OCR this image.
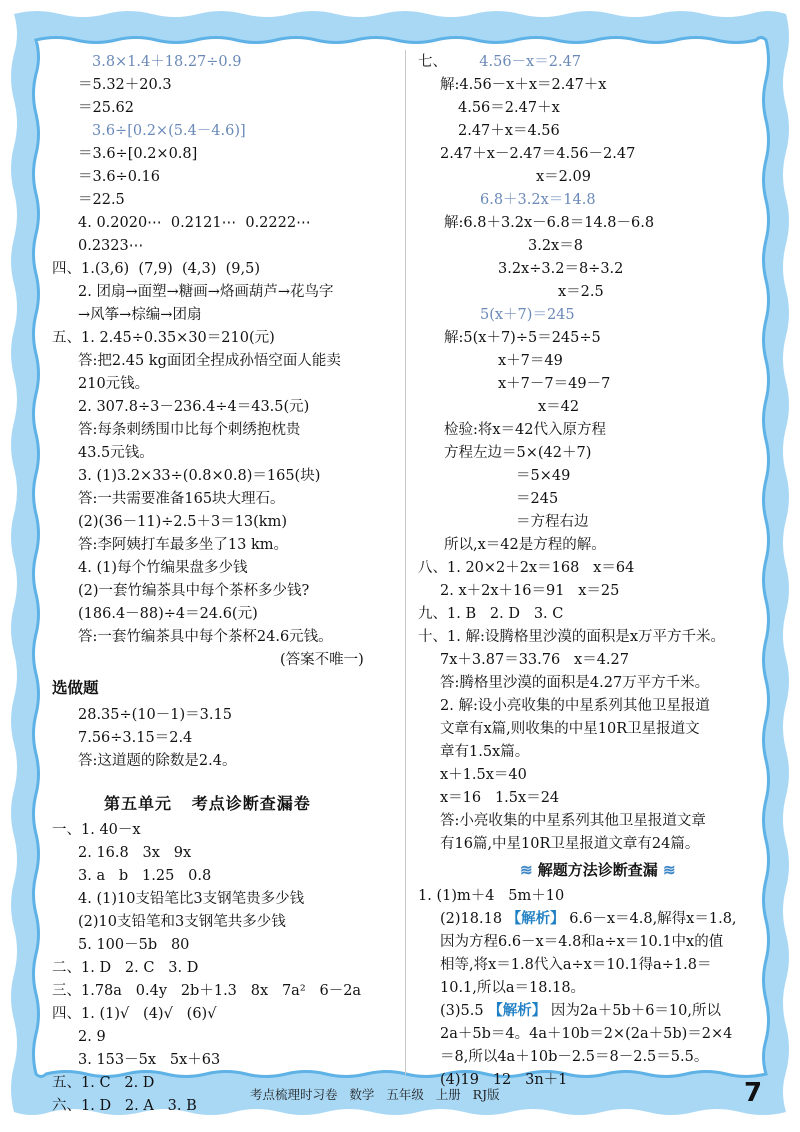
3.8×1.4＋18.27÷0.9
＝5.32＋20.3
＝25.62
3.6÷[0.2×(5.4－4.6)]
＝3.6÷[0.2×0.8]
＝3.6÷0.16
＝22.5
4. 0.2020⋯  0.2121⋯  0.2222⋯
0.2323⋯
四、1.(3,6)  (7,9)  (4,3)  (9,5)
2. 团扇→面塑→糖画→烙画葫芦→花鸟字
→风筝→棕编→团扇
五、1. 2.45÷0.35×30＝210(元)
答:把2.45 kg面团全捏成孙悟空面人能卖
210元钱。
2. 307.8÷3－236.4÷4＝43.5(元)
答:每条刺绣围巾比每个刺绣抱枕贵
43.5元钱。
3. (1)3.2×33÷(0.8×0.8)＝165(块)
答:一共需要准备165块大理石。
(2)(36－11)÷2.5＋3＝13(km)
答:李阿姨打车最多坐了13 km。
4. (1)每个竹编果盘多少钱
(2)一套竹编茶具中每个茶杯多少钱?
(186.4－88)÷4＝24.6(元)
答:一套竹编茶具中每个茶杯24.6元钱。
(答案不唯一)
选做题
28.35÷(10－1)＝3.15
7.56÷3.15＝2.4
答:这道题的除数是2.4。
第五单元   考点诊断查漏卷
一、1. 40－x
2. 16.8   3x   9x
3. a   b   1.25   0.8
4. (1)10支铅笔比3支钢笔贵多少钱
(2)10支铅笔和3支钢笔共多少钱
5. 100－5b   80
二、1. D   2. C   3. D
三、1.78a   0.4y   2b＋1.3   8x   7a²   6－2a
四、1. (1)√   (4)√   (6)√
2. 9
3. 153－5x   5x＋63
五、1. C   2. D
六、1. D   2. A   3. B
七、       4.56－x＝2.47
解:4.56－x＋x＝2.47＋x
4.56＝2.47＋x
2.47＋x＝4.56
2.47＋x－2.47＝4.56－2.47
x＝2.09
6.8＋3.2x＝14.8
解:6.8＋3.2x－6.8＝14.8－6.8
3.2x＝8
3.2x÷3.2＝8÷3.2
x＝2.5
5(x＋7)＝245
解:5(x＋7)÷5＝245÷5
x＋7＝49
x＋7－7＝49－7
x＝42
检验:将x＝42代入原方程
方程左边＝5×(42＋7)
＝5×49
＝245
＝方程右边
所以,x＝42是方程的解。
八、1. 20×2＋2x＝168   x＝64
2. x＋2x＋16＝91   x＝25
九、1. B   2. D   3. C
十、1. 解:设腾格里沙漠的面积是x万平方千米。
7x＋3.87＝33.76   x＝4.27
答:腾格里沙漠的面积是4.27万平方千米。
2. 解:设小亮收集的中星系列其他卫星报道
文章有x篇,则收集的中星10R卫星报道文
章有1.5x篇。
x＋1.5x＝40
x＝16   1.5x＝24
答:小亮收集的中星系列其他卫星报道文章
有16篇,中星10R卫星报道文章有24篇。
≋ 解题方法诊断查漏 ≋
1. (1)m＋4   5m＋10
(2)18.18 【解析】 6.6－x＝4.8,解得x＝1.8,
因为方程6.6－x＝4.8和a÷x＝10.1中x的值
相等,将x＝1.8代入a÷x＝10.1得a÷1.8＝
10.1,所以a＝18.18。
(3)5.5 【解析】 因为2a＋5b＋6＝10,所以
2a＋5b＝4。4a＋10b＝2×(2a＋5b)＝2×4
＝8,所以4a＋10b－2.5＝8－2.5＝5.5。
(4)19   12   3n＋1
考点梳理时习卷   数学   五年级   上册   RJ版	7
